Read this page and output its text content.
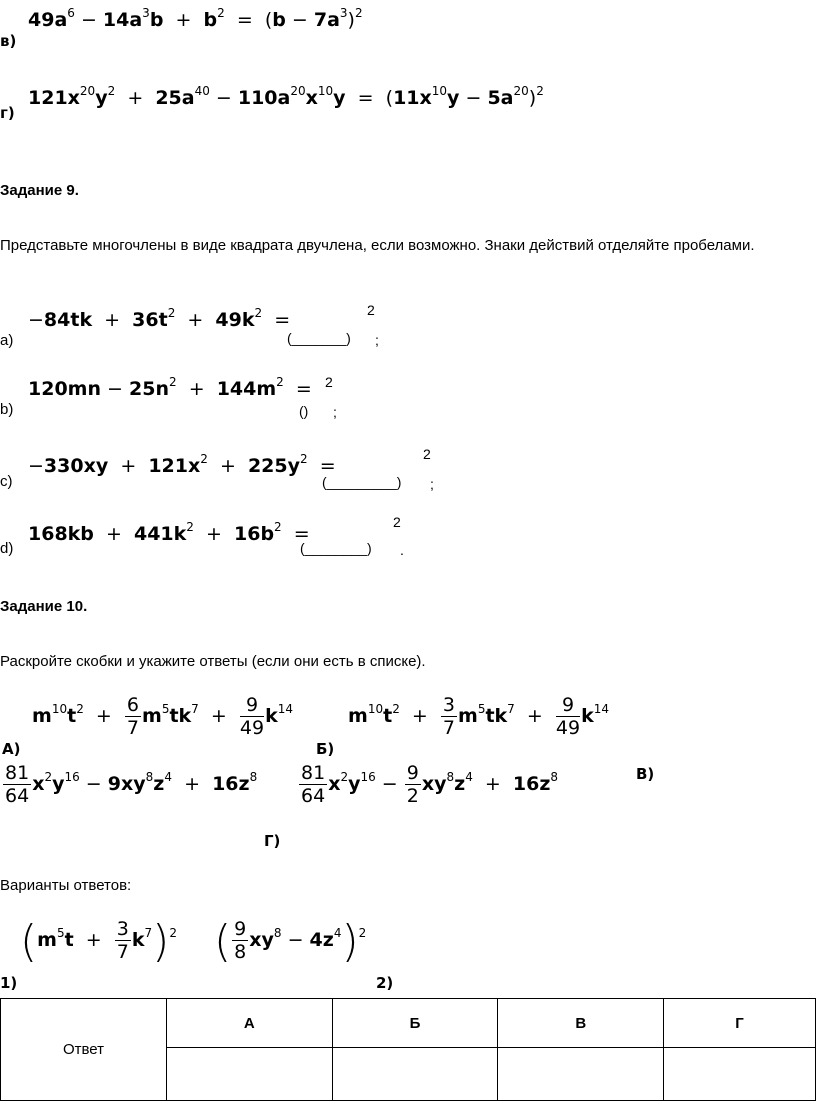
$49a^6 - 14a^3b + b^2 = (b - 7a^3)^2$
в)
$121x^{20}y^2 + 25a^{40} - 110a^{20}x^{10}y = (11x^{10}y - 5a^{20})^2$
г)
Задание 9.
Представьте многочлены в виде квадрата двучлена, если возможно. Знаки действий отделяйте пробелами.
$-84tk + 36t^2 + 49k^2$  =
a)	(_______)
2
;
$120mn - 25n^2 + 144m^2$  =
b)	()
2
;
$-330xy + 121x^2 + 225y^2$  =
c)	(_________)
2
;
$168kb + 441k^2 + 16b^2$  =
d)	(________)
2
.
Задание 10.
Раскройте скобки и укажите ответы (если они есть в списке).
$m^{10}t^2 + \frac{6}{7} m^5tk^7 + \frac{9}{49} k^{14}$
А)
$m^{10}t^2 + \frac{3}{7} m^5tk^7 + \frac{9}{49} k^{14}$
Б)
$\frac{81}{64} x^2y^{16} - 9xy^8z^4 + 16z^8 \frac{81}{64} x^2y^{16} - \frac{9}{2} xy^8z^4 + 16z^8$	В)
Г)
Варианты ответов:
$(m^5t + \frac{3}{7} k^7)^2$
1)
( $\frac{9}{8} xy^8 - 4z^4)^2$
2)
Ответ	А	Б	В	Г
